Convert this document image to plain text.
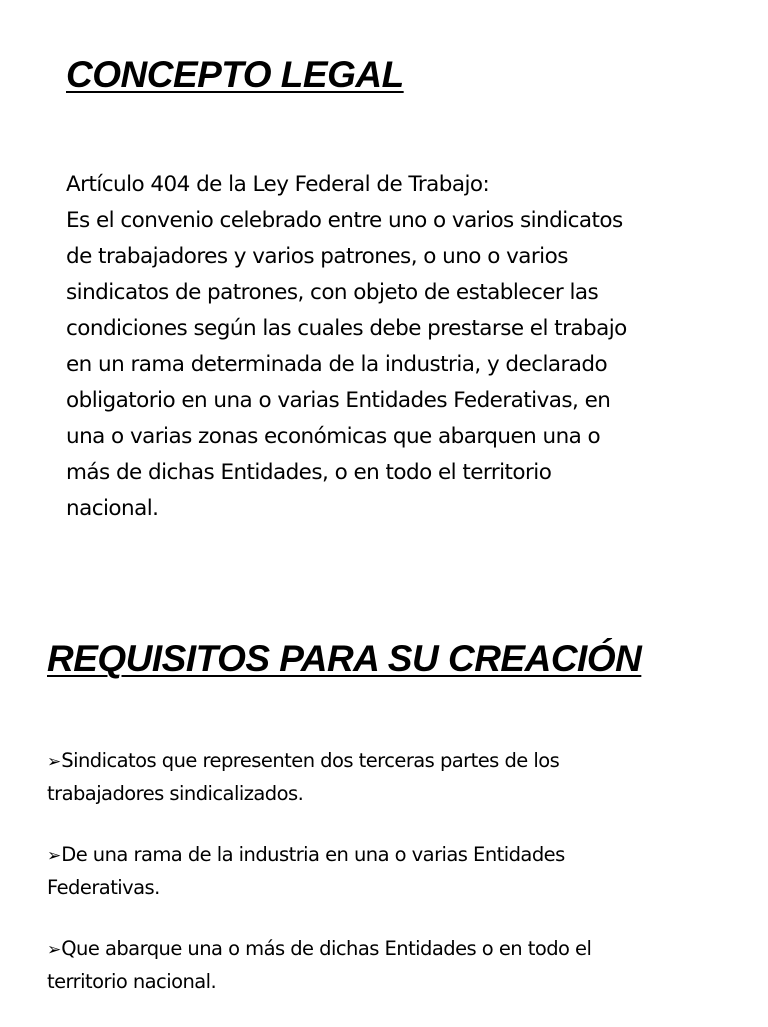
CONCEPTO LEGAL
Artículo 404 de la Ley Federal de Trabajo:
Es el convenio celebrado entre uno o varios sindicatos
de trabajadores y varios patrones, o uno o varios
sindicatos de patrones, con objeto de establecer las
condiciones según las cuales debe prestarse el trabajo
en un rama determinada de la industria, y declarado
obligatorio en una o varias Entidades Federativas, en
una o varias zonas económicas que abarquen una o
más de dichas Entidades, o en todo el territorio
nacional.
REQUISITOS PARA SU CREACIÓN
➢Sindicatos que representen dos terceras partes de los
trabajadores sindicalizados.
➢De una rama de la industria en una o varias Entidades
Federativas.
➢Que abarque una o más de dichas Entidades o en todo el
territorio nacional.
